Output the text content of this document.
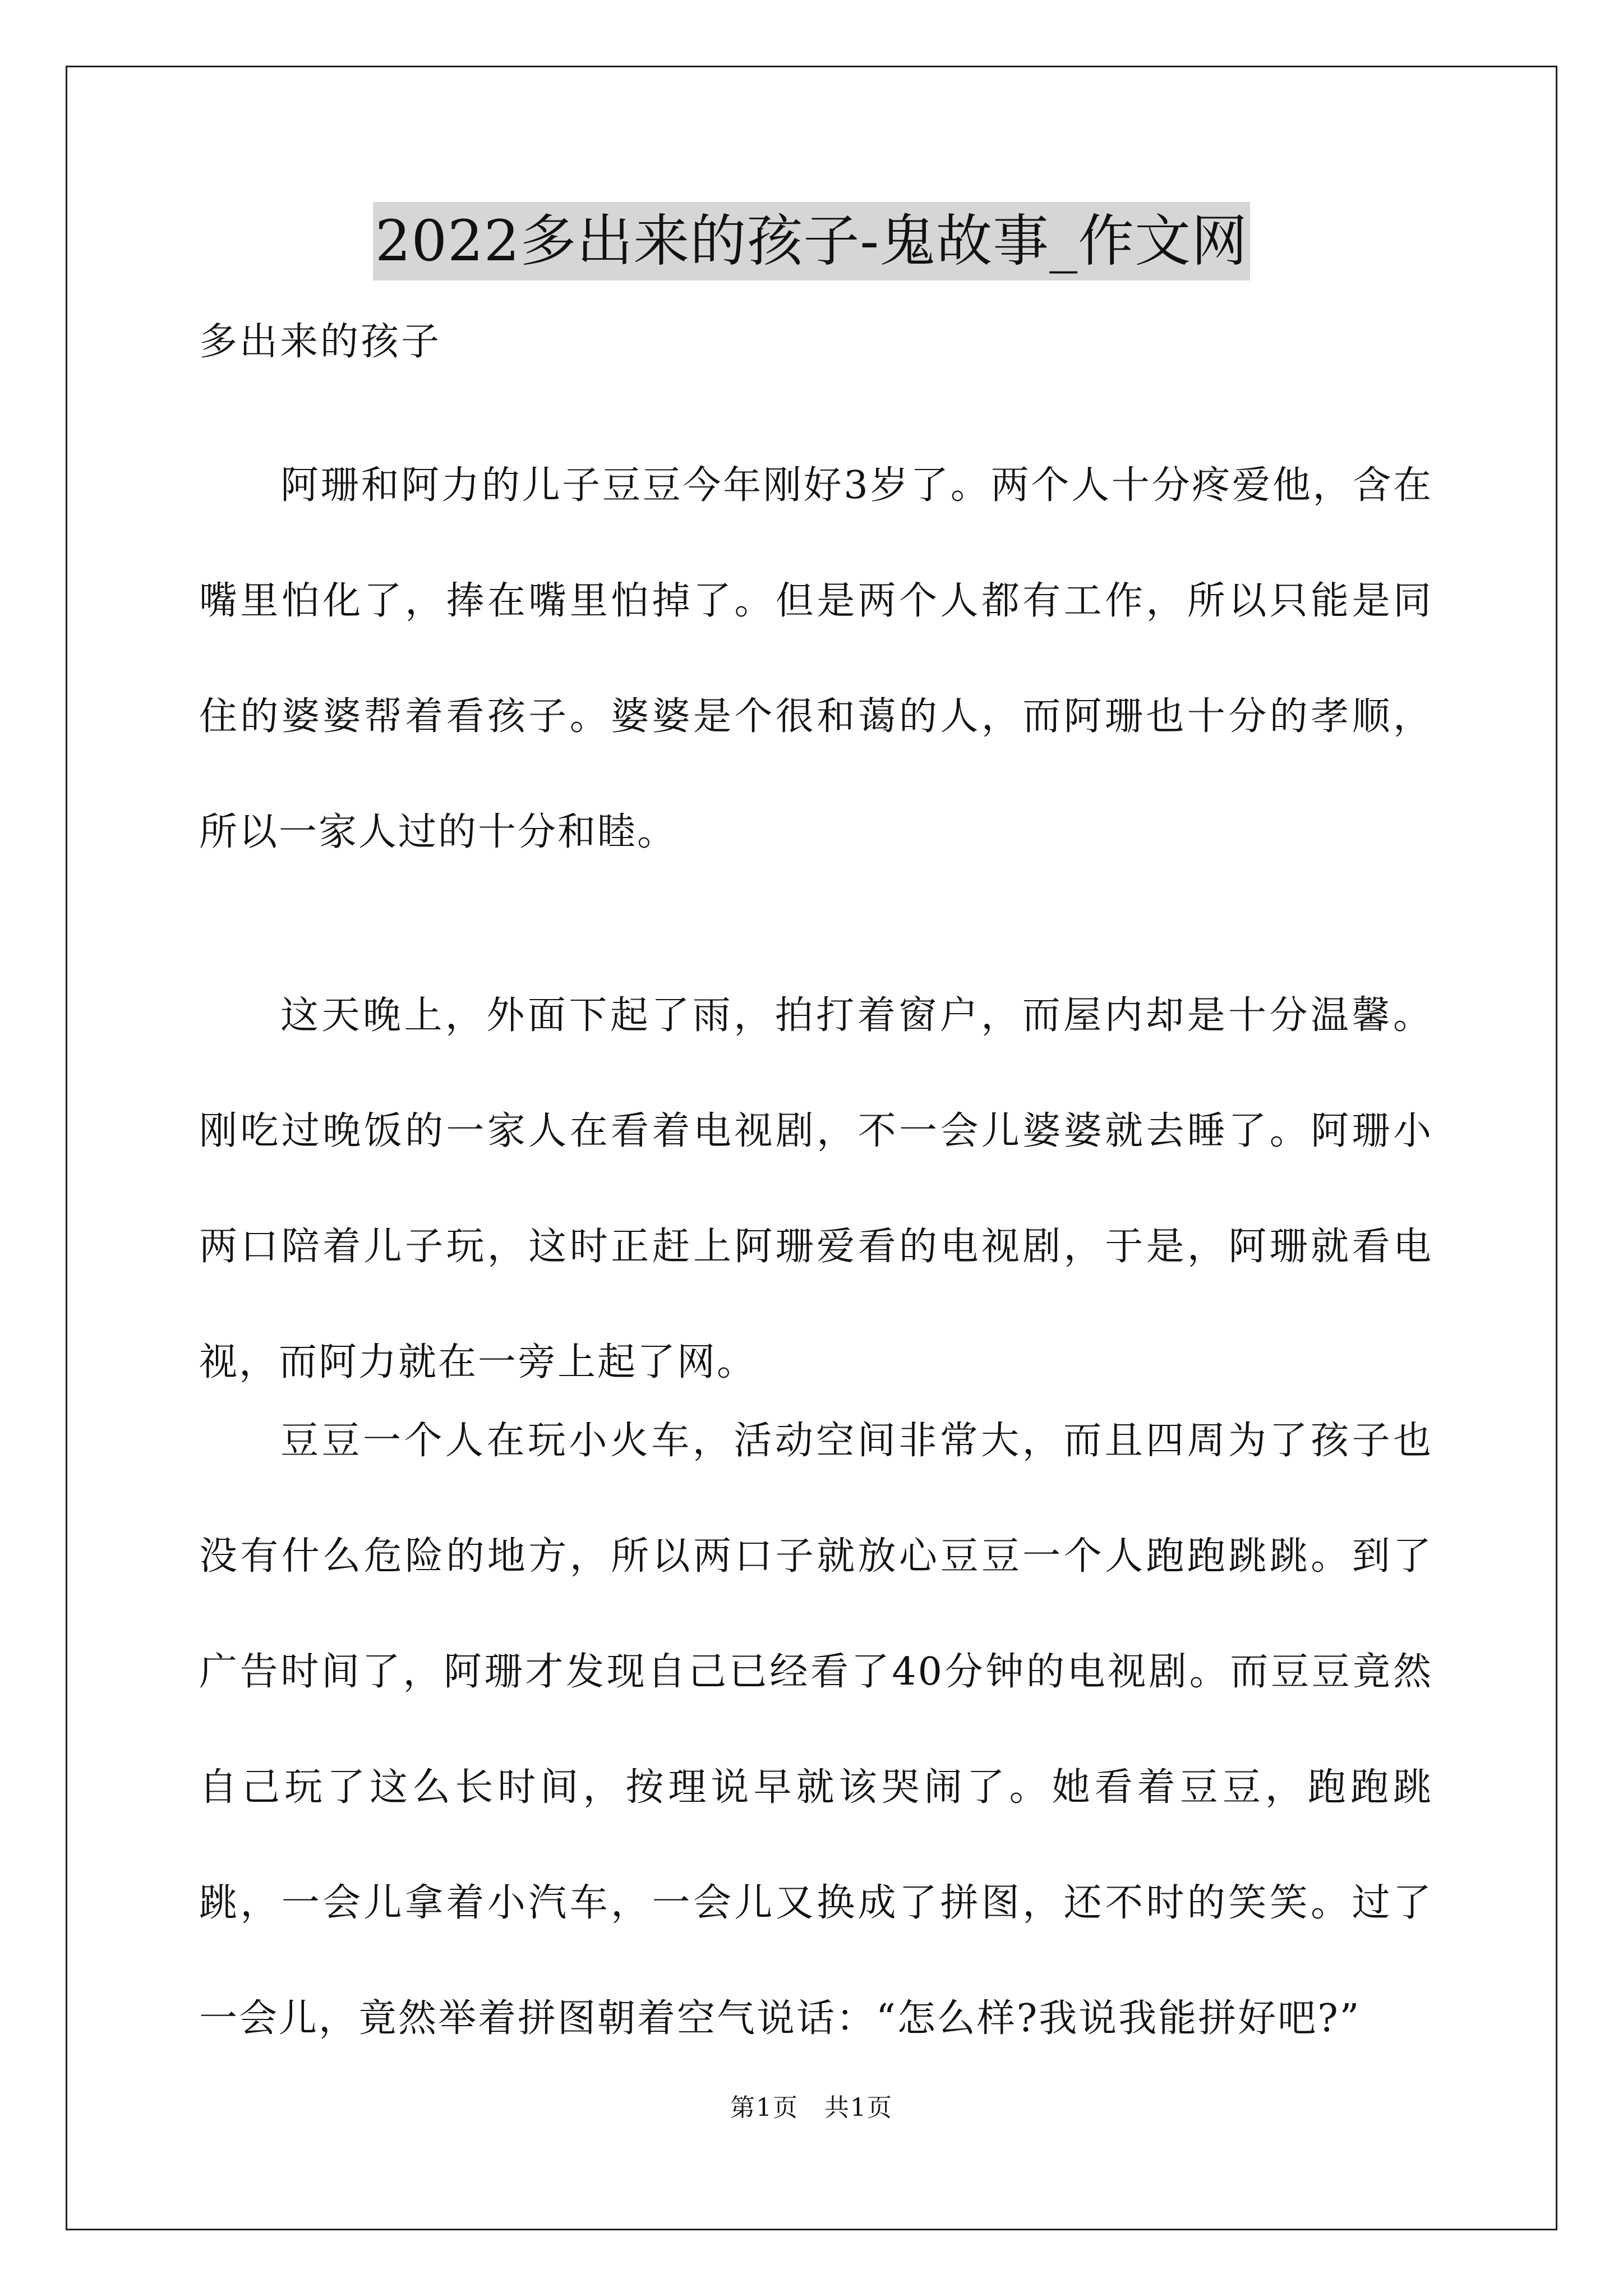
2022多出来的孩子-鬼故事_作文网
多出来的孩子

阿珊和阿力的儿子豆豆今年刚好3岁了。两个人十分疼爱他，含在嘴里怕化了，捧在嘴里怕掉了。但是两个人都有工作，所以只能是同住的婆婆帮着看孩子。婆婆是个很和蔼的人，而阿珊也十分的孝顺，所以一家人过的十分和睦。

这天晚上，外面下起了雨，拍打着窗户，而屋内却是十分温馨。刚吃过晚饭的一家人在看着电视剧，不一会儿婆婆就去睡了。阿珊小两口陪着儿子玩，这时正赶上阿珊爱看的电视剧，于是，阿珊就看电视，而阿力就在一旁上起了网。

豆豆一个人在玩小火车，活动空间非常大，而且四周为了孩子也没有什么危险的地方，所以两口子就放心豆豆一个人跑跑跳跳。到了广告时间了，阿珊才发现自己已经看了40分钟的电视剧。而豆豆竟然自己玩了这么长时间，按理说早就该哭闹了。她看着豆豆，跑跑跳跳，一会儿拿着小汽车，一会儿又换成了拼图，还不时的笑笑。过了一会儿，竟然举着拼图朝着空气说话：“怎么样?我说我能拼好吧?”

第1页　共1页
